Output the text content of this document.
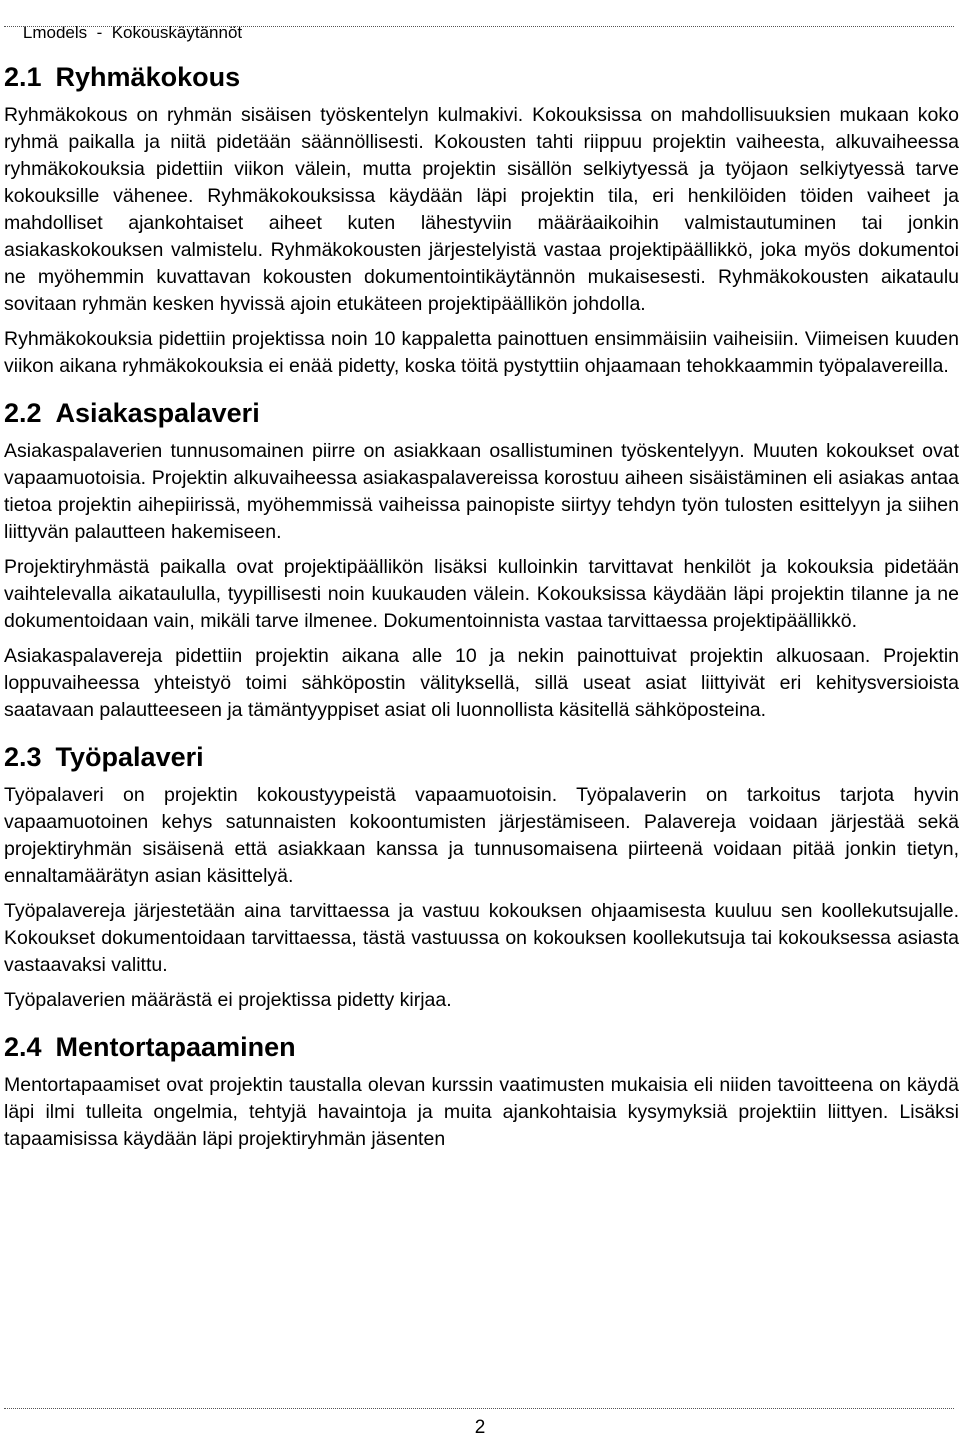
Lmodels  -  Kokouskäytännöt

2.1 Ryhmäkokous

Ryhmäkokous on ryhmän sisäisen työskentelyn kulmakivi. Kokouksissa on mahdollisuuksien mukaan koko ryhmä paikalla ja niitä pidetään säännöllisesti. Kokousten tahti riippuu projektin vaiheesta, alkuvaiheessa ryhmäkokouksia pidettiin viikon välein, mutta projektin sisällön selkiytyessä ja työjaon selkiytyessä tarve kokouksille vähenee. Ryhmäkokouksissa käydään läpi projektin tila, eri henkilöiden töiden vaiheet ja mahdolliset ajankohtaiset aiheet kuten lähestyviin määräaikoihin valmistautuminen tai jonkin asiakaskokouksen valmistelu. Ryhmäkokousten järjestelyistä vastaa projektipäällikkö, joka myös dokumentoi ne myöhemmin kuvattavan kokousten dokumentointikäytännön mukaisesesti. Ryhmäkokousten aikataulu sovitaan ryhmän kesken hyvissä ajoin etukäteen projektipäällikön johdolla.

Ryhmäkokouksia pidettiin projektissa noin 10 kappaletta painottuen ensimmäisiin vaiheisiin. Viimeisen kuuden viikon aikana ryhmäkokouksia ei enää pidetty, koska töitä pystyttiin ohjaamaan tehokkaammin työpalavereilla.

2.2 Asiakaspalaveri

Asiakaspalaverien tunnusomainen piirre on asiakkaan osallistuminen työskentelyyn. Muuten kokoukset ovat vapaamuotoisia. Projektin alkuvaiheessa asiakaspalavereissa korostuu aiheen sisäistäminen eli asiakas antaa tietoa projektin aihepiirissä, myöhemmissä vaiheissa painopiste siirtyy tehdyn työn tulosten esittelyyn ja siihen liittyvän palautteen hakemiseen.

Projektiryhmästä paikalla ovat projektipäällikön lisäksi kulloinkin tarvittavat henkilöt ja kokouksia pidetään vaihtelevalla aikataululla, tyypillisesti noin kuukauden välein. Kokouksissa käydään läpi projektin tilanne ja ne dokumentoidaan vain, mikäli tarve ilmenee. Dokumentoinnista vastaa tarvittaessa projektipäällikkö.

Asiakaspalavereja pidettiin projektin aikana alle 10 ja nekin painottuivat projektin alkuosaan. Projektin loppuvaiheessa yhteistyö toimi sähköpostin välityksellä, sillä useat asiat liittyivät eri kehitysversioista saatavaan palautteeseen ja tämäntyyppiset asiat oli luonnollista käsitellä sähköposteina.

2.3 Työpalaveri

Työpalaveri on projektin kokoustyypeistä vapaamuotoisin. Työpalaverin on tarkoitus tarjota hyvin vapaamuotoinen kehys satunnaisten kokoontumisten järjestämiseen. Palavereja voidaan järjestää sekä projektiryhmän sisäisenä että asiakkaan kanssa ja tunnusomaisena piirteenä voidaan pitää jonkin tietyn, ennaltamäärätyn asian käsittelyä.

Työpalavereja järjestetään aina tarvittaessa ja vastuu kokouksen ohjaamisesta kuuluu sen koollekutsujalle. Kokoukset dokumentoidaan tarvittaessa, tästä vastuussa on kokouksen koollekutsuja tai kokouksessa asiasta vastaavaksi valittu.

Työpalaverien määrästä ei projektissa pidetty kirjaa.

2.4 Mentortapaaminen

Mentortapaamiset ovat projektin taustalla olevan kurssin vaatimusten mukaisia eli niiden tavoitteena on käydä läpi ilmi tulleita ongelmia, tehtyjä havaintoja ja muita ajankohtaisia kysymyksiä projektiin liittyen. Lisäksi tapaamisissa käydään läpi projektiryhmän jäsenten

2
